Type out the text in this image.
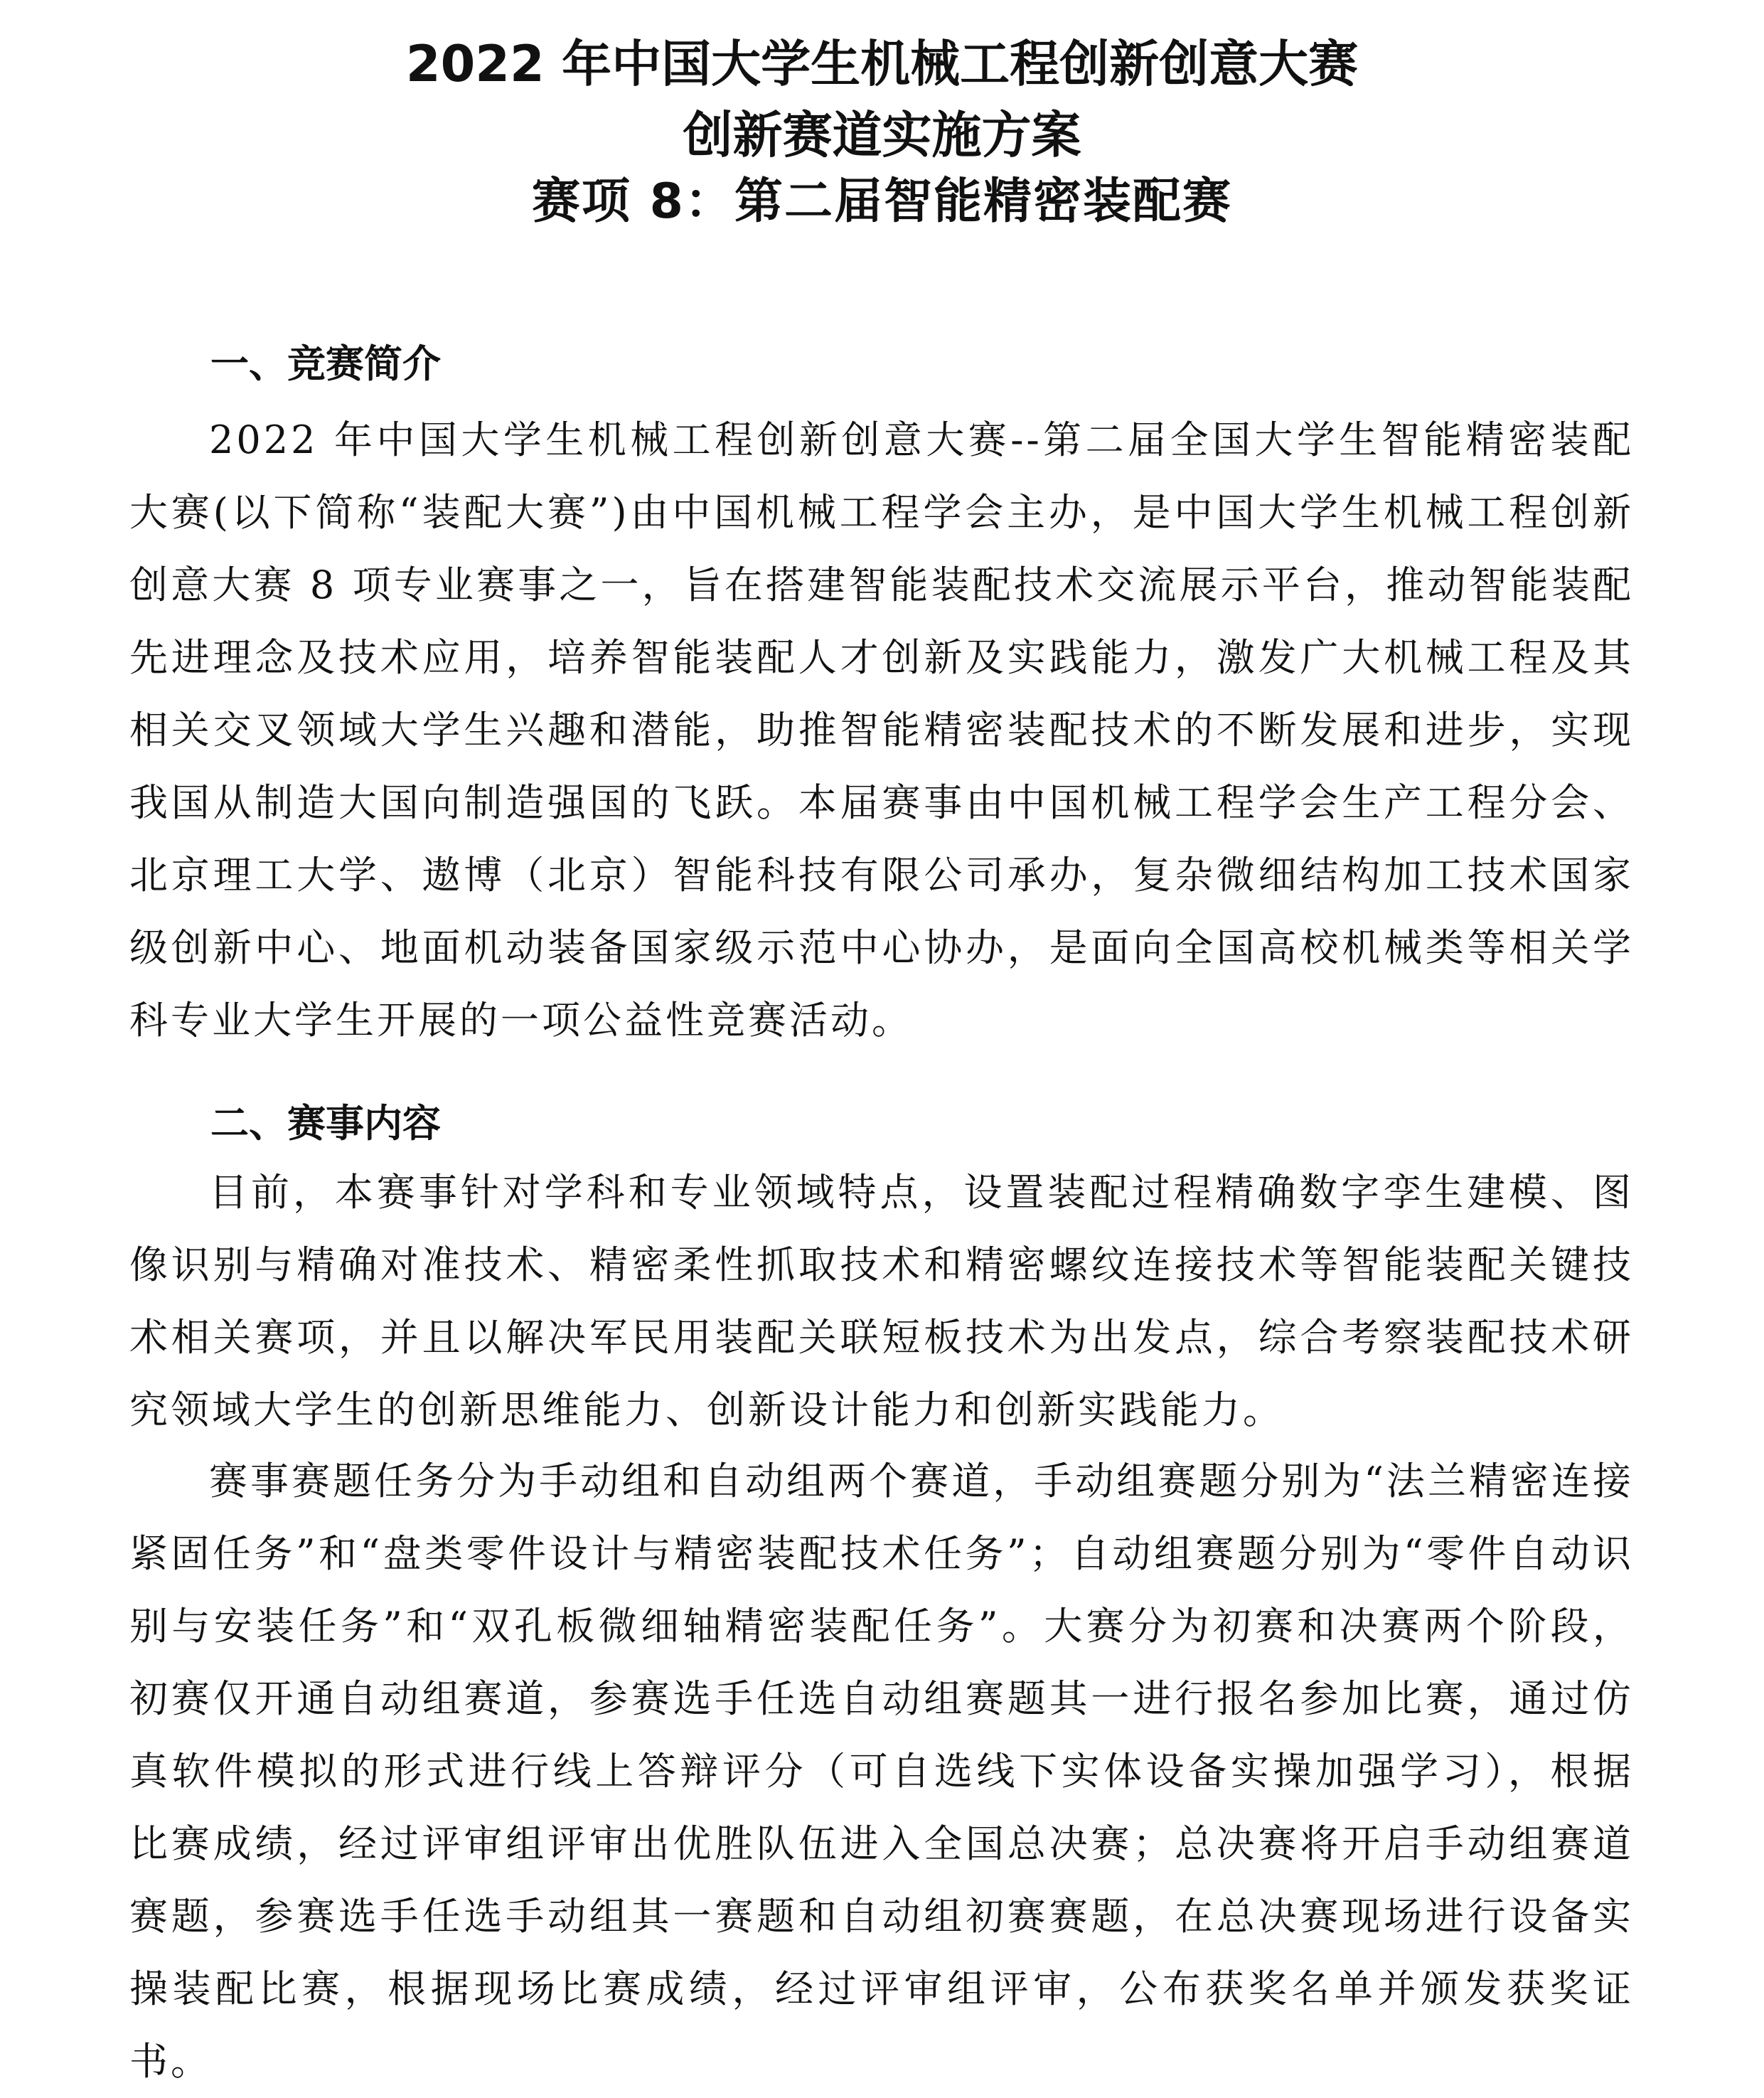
2022 年中国大学生机械工程创新创意大赛
创新赛道实施方案
赛项 8：第二届智能精密装配赛
一、竞赛简介

2022 年中国大学生机械工程创新创意大赛--第二届全国大学生智能精密装配大赛(以下简称“装配大赛”)由中国机械工程学会主办，是中国大学生机械工程创新创意大赛 8 项专业赛事之一，旨在搭建智能装配技术交流展示平台，推动智能装配先进理念及技术应用，培养智能装配人才创新及实践能力，激发广大机械工程及其相关交叉领域大学生兴趣和潜能，助推智能精密装配技术的不断发展和进步，实现我国从制造大国向制造强国的飞跃。本届赛事由中国机械工程学会生产工程分会、北京理工大学、遨博（北京）智能科技有限公司承办，复杂微细结构加工技术国家级创新中心、地面机动装备国家级示范中心协办，是面向全国高校机械类等相关学科专业大学生开展的一项公益性竞赛活动。

二、赛事内容

目前，本赛事针对学科和专业领域特点，设置装配过程精确数字孪生建模、图像识别与精确对准技术、精密柔性抓取技术和精密螺纹连接技术等智能装配关键技术相关赛项，并且以解决军民用装配关联短板技术为出发点，综合考察装配技术研究领域大学生的创新思维能力、创新设计能力和创新实践能力。

赛事赛题任务分为手动组和自动组两个赛道，手动组赛题分别为“法兰精密连接紧固任务”和“盘类零件设计与精密装配技术任务”；自动组赛题分别为“零件自动识别与安装任务”和“双孔板微细轴精密装配任务”。大赛分为初赛和决赛两个阶段，初赛仅开通自动组赛道，参赛选手任选自动组赛题其一进行报名参加比赛，通过仿真软件模拟的形式进行线上答辩评分（可自选线下实体设备实操加强学习），根据比赛成绩，经过评审组评审出优胜队伍进入全国总决赛；总决赛将开启手动组赛道赛题，参赛选手任选手动组其一赛题和自动组初赛赛题，在总决赛现场进行设备实操装配比赛，根据现场比赛成绩，经过评审组评审，公布获奖名单并颁发获奖证书。
